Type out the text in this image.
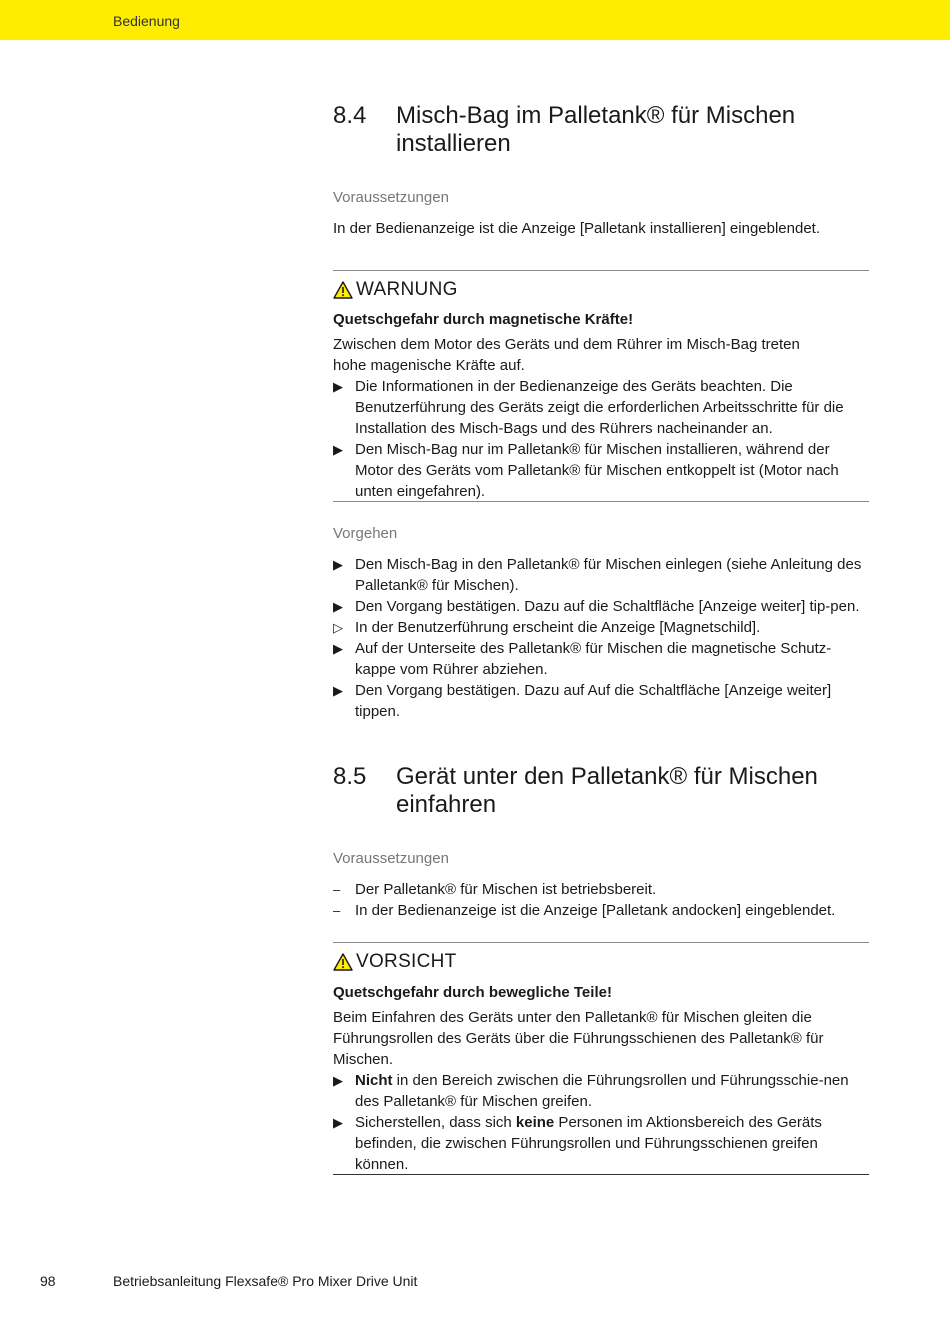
Bedienung
8.4 Misch-Bag im Palletank® für Mischen installieren
Voraussetzungen
In der Bedienanzeige ist die Anzeige [Palletank installieren] eingeblendet.
WARNUNG
Quetschgefahr durch magnetische Kräfte!
Zwischen dem Motor des Geräts und dem Rührer im Misch-Bag treten hohe magenische Kräfte auf.
▶ Die Informationen in der Bedienanzeige des Geräts beachten. Die Benutzerführung des Geräts zeigt die erforderlichen Arbeitsschritte für die Installation des Misch-Bags und des Rührers nacheinander an.
▶ Den Misch-Bag nur im Palletank® für Mischen installieren, während der Motor des Geräts vom Palletank® für Mischen entkoppelt ist (Motor nach unten eingefahren).
Vorgehen
▶ Den Misch-Bag in den Palletank® für Mischen einlegen (siehe Anleitung des Palletank® für Mischen).
▶ Den Vorgang bestätigen. Dazu auf die Schaltfläche [Anzeige weiter] tip-pen.
▷ In der Benutzerführung erscheint die Anzeige [Magnetschild].
▶ Auf der Unterseite des Palletank® für Mischen die magnetische Schutz-kappe vom Rührer abziehen.
▶ Den Vorgang bestätigen. Dazu auf Auf die Schaltfläche [Anzeige weiter] tippen.
8.5 Gerät unter den Palletank® für Mischen einfahren
Voraussetzungen
– Der Palletank® für Mischen ist betriebsbereit.
– In der Bedienanzeige ist die Anzeige [Palletank andocken] eingeblendet.
VORSICHT
Quetschgefahr durch bewegliche Teile!
Beim Einfahren des Geräts unter den Palletank® für Mischen gleiten die Führungsrollen des Geräts über die Führungsschienen des Palletank® für Mischen.
▶ Nicht in den Bereich zwischen die Führungsrollen und Führungsschie-nen des Palletank® für Mischen greifen.
▶ Sicherstellen, dass sich keine Personen im Aktionsbereich des Geräts befinden, die zwischen Führungsrollen und Führungsschienen greifen können.
98	Betriebsanleitung Flexsafe® Pro Mixer Drive Unit
